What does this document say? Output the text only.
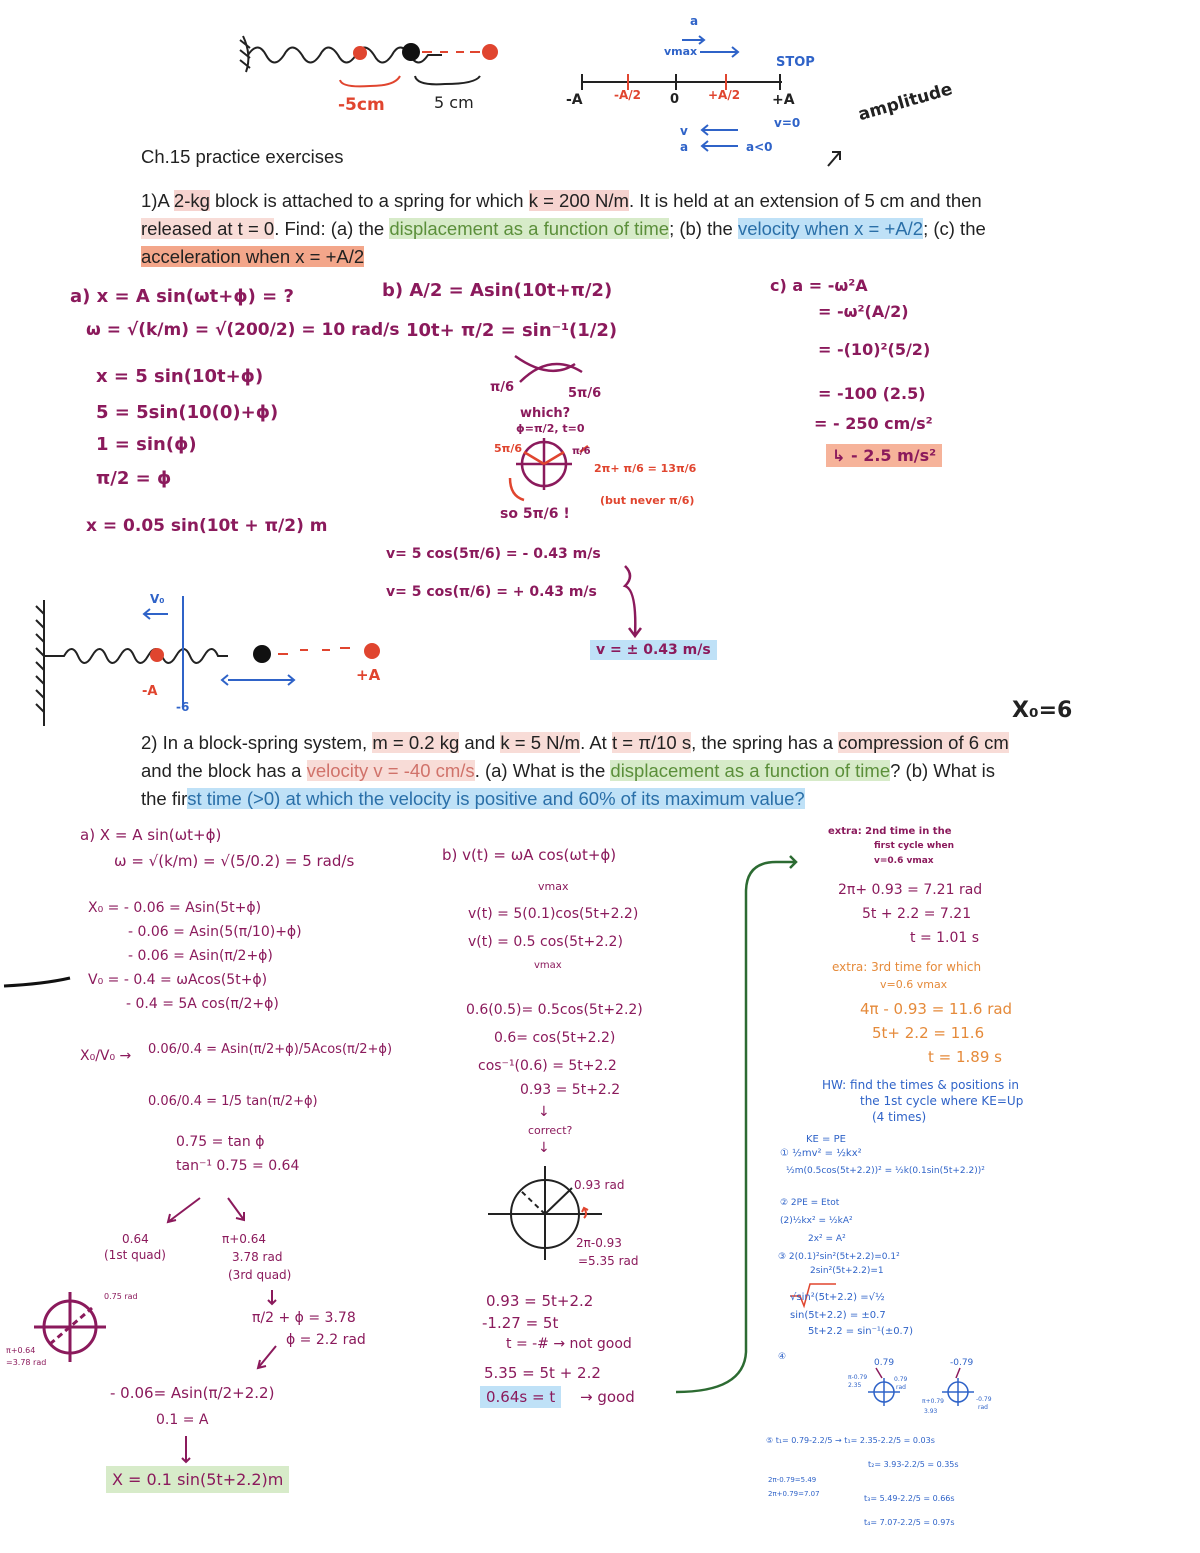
-5cm	5 cm	-A	-A/2 0 +A/2 +A
vmax
a
v
a
STOP
v=0
a<0
amplitude
Ch.15 practice exercises
1)A 2-kg block is attached to a spring for which k = 200 N/m. It is held at an extension of 5 cm and then
released at t = 0. Find: (a) the displacement as a function of time; (b) the velocity when x = +A/2; (c) the
acceleration when x = +A/2
a) x = A sin(ωt+ϕ) = ?
ω = √(k/m) = √(200/2) = 10 rad/s
x = 5 sin(10t+ϕ)
5 = 5sin(10(0)+ϕ)
1 = sin(ϕ)
π/2 = ϕ
x = 0.05 sin(10t + π/2) m
b) A/2 = Asin(10t+π/2)
10t+ π/2 = sin⁻¹(1/2)
π/6	5π/6
which?
ϕ=π/2, t=0
5π/6	π/6
2π+ π/6 = 13π/6
(but never π/6)
so 5π/6 !
v= 5 cos(5π/6) = - 0.43 m/s
v= 5 cos(π/6) = + 0.43 m/s
v = ± 0.43 m/s
c) a = -ω²A
= -ω²(A/2)
= -(10)²(5/2)
= -100 (2.5)
= - 250 cm/s²
↳ - 2.5 m/s²
V₀
-A
-6
+A
X₀=6
2) In a block-spring system, m = 0.2 kg and k = 5 N/m. At t = π/10 s, the spring has a compression of 6 cm
and the block has a velocity v = -40 cm/s. (a) What is the displacement as a function of time? (b) What is
the first time (>0) at which the velocity is positive and 60% of its maximum value?
a) X = A sin(ωt+ϕ)
ω = √(k/m) = √(5/0.2) = 5 rad/s
X₀ = - 0.06 = Asin(5t+ϕ)
- 0.06 = Asin(5(π/10)+ϕ)
- 0.06 = Asin(π/2+ϕ)
V₀ = - 0.4 = ωAcos(5t+ϕ)
- 0.4 = 5A cos(π/2+ϕ)
X₀/V₀ → 0.06/0.4 = Asin(π/2+ϕ)/5Acos(π/2+ϕ)
0.06/0.4 = 1/5 tan(π/2+ϕ)
0.75 = tan ϕ
tan⁻¹ 0.75 = 0.64
0.64
(1st quad)
π+0.64
3.78 rad
(3rd quad)
π/2 + ϕ = 3.78
ϕ = 2.2 rad
- 0.06= Asin(π/2+2.2)
0.1 = A
X = 0.1 sin(5t+2.2)m
0.75 rad
π+0.64
=3.78 rad
b) v(t) = ωA cos(ωt+ϕ)
vmax
v(t) = 5(0.1)cos(5t+2.2)
v(t) = 0.5 cos(5t+2.2)
vmax
0.6(0.5)= 0.5cos(5t+2.2)
0.6= cos(5t+2.2)
cos⁻¹(0.6) = 5t+2.2
0.93 = 5t+2.2
↓
correct?
↓
0.93 rad
2π-0.93
=5.35 rad
0.93 = 5t+2.2
-1.27 = 5t
t = -# → not good
5.35 = 5t + 2.2
0.64s = t	→ good
extra: 2nd time in the
first cycle when
v=0.6 vmax
2π+ 0.93 = 7.21 rad
5t + 2.2 = 7.21
t = 1.01 s
extra: 3rd time for which
v=0.6 vmax
4π - 0.93 = 11.6 rad
5t+ 2.2 = 11.6
t = 1.89 s
HW: find the times & positions in
the 1st cycle where KE=Up
(4 times)
KE = PE
① ½mv² = ½kx²
½m(0.5cos(5t+2.2))² = ½k(0.1sin(5t+2.2))²
② 2PE = Etot
(2)½kx² = ½kA²
2x² = A²
③ 2(0.1)²sin²(5t+2.2)=0.1²
2sin²(5t+2.2)=1
√sin²(5t+2.2) =√½
sin(5t+2.2) = ±0.7
5t+2.2 = sin⁻¹(±0.7)
④
0.79	-0.79
⑤ t₁= 0.79-2.2/5 → t₁= 2.35-2.2/5 = 0.03s
t₂= 3.93-2.2/5 = 0.35s
2π-0.79=5.49
2π+0.79=7.07	t₃= 5.49-2.2/5 = 0.66s
t₄= 7.07-2.2/5 = 0.97s
π-0.79
2.35
0.79
rad
π+0.79
3.93
-0.79
rad
